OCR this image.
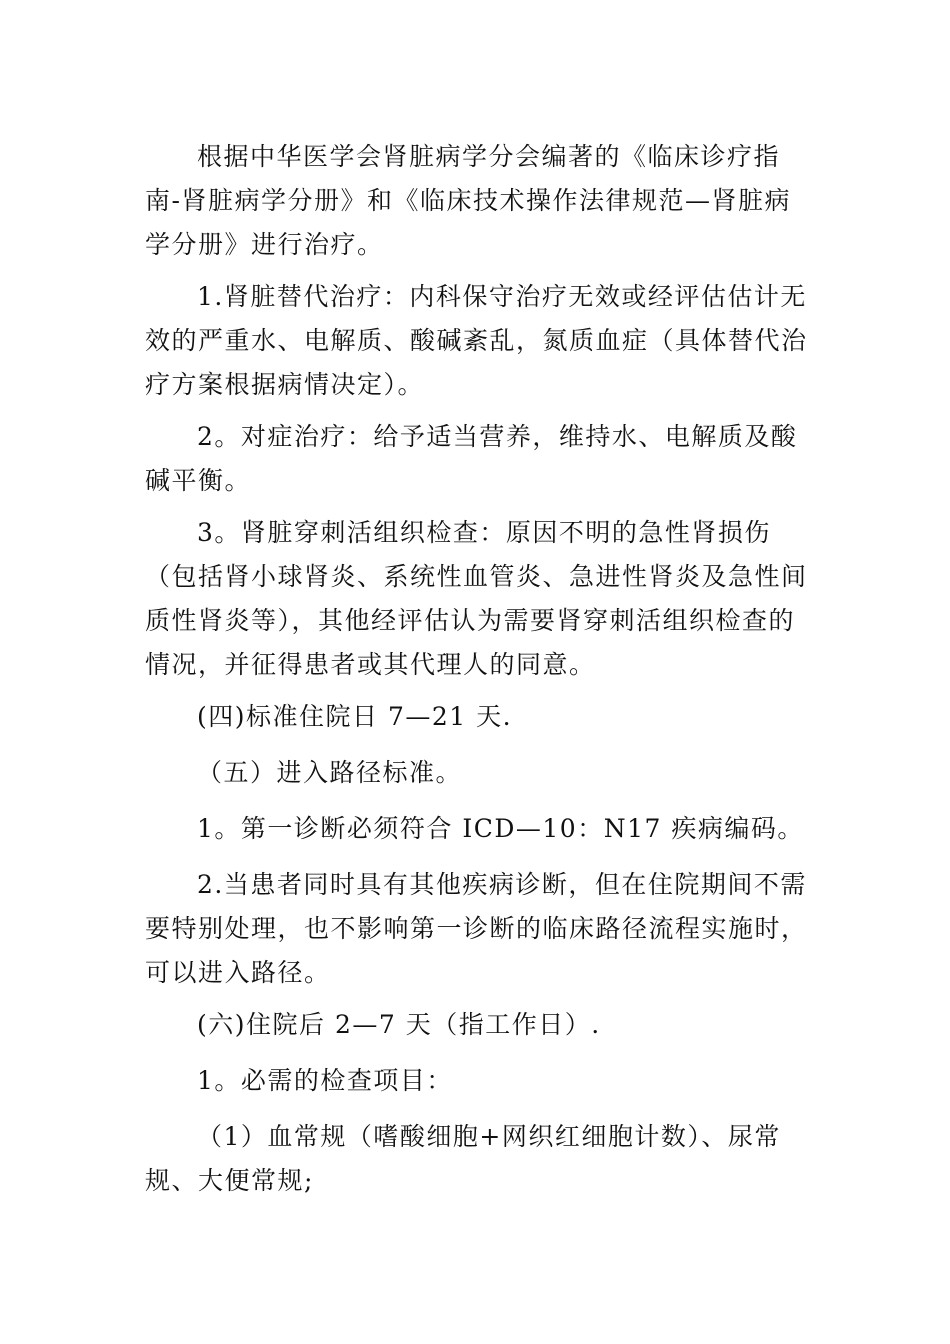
根据中华医学会肾脏病学分会编著的《临床诊疗指南-肾脏病学分册》和《临床技术操作法律规范—肾脏病学分册》进行治疗。

1.肾脏替代治疗：内科保守治疗无效或经评估估计无效的严重水、电解质、酸碱紊乱，氮质血症（具体替代治疗方案根据病情决定）。

2。对症治疗：给予适当营养，维持水、电解质及酸碱平衡。

3。肾脏穿刺活组织检查：原因不明的急性肾损伤（包括肾小球肾炎、系统性血管炎、急进性肾炎及急性间质性肾炎等），其他经评估认为需要肾穿刺活组织检查的情况，并征得患者或其代理人的同意。

(四)标准住院日 7—21 天.

（五）进入路径标准。

1。第一诊断必须符合 ICD—10：N17 疾病编码。

2.当患者同时具有其他疾病诊断，但在住院期间不需要特别处理，也不影响第一诊断的临床路径流程实施时，可以进入路径。

(六)住院后 2—7 天（指工作日）.

1。必需的检查项目：

（1）血常规（嗜酸细胞+网织红细胞计数）、尿常规、大便常规;
